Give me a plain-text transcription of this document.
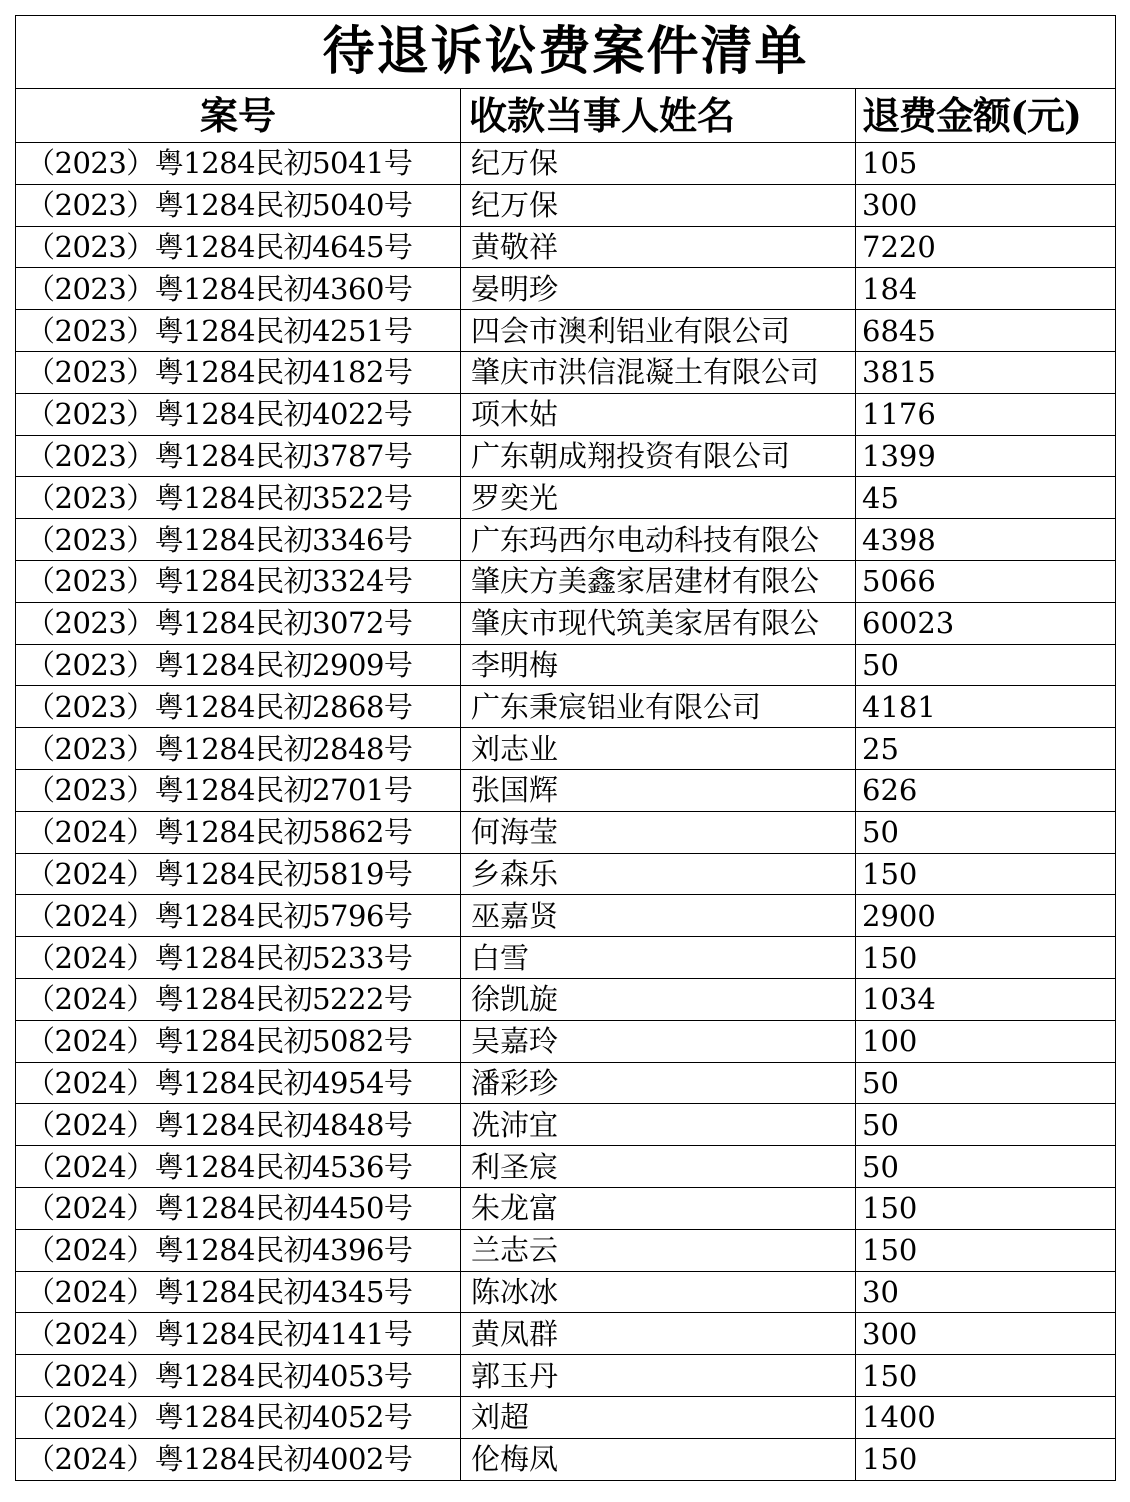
待退诉讼费案件清单		
案号	收款当事人姓名	退费金额(元)
（2023）粤1284民初5041号	纪万保	105
（2023）粤1284民初5040号	纪万保	300
（2023）粤1284民初4645号	黄敬祥	7220
（2023）粤1284民初4360号	晏明珍	184
（2023）粤1284民初4251号	四会市澳利铝业有限公司	6845
（2023）粤1284民初4182号	肇庆市洪信混凝土有限公司	3815
（2023）粤1284民初4022号	项木姑	1176
（2023）粤1284民初3787号	广东朝成翔投资有限公司	1399
（2023）粤1284民初3522号	罗奕光	45
（2023）粤1284民初3346号	广东玛西尔电动科技有限公	4398
（2023）粤1284民初3324号	肇庆方美鑫家居建材有限公	5066
（2023）粤1284民初3072号	肇庆市现代筑美家居有限公	60023
（2023）粤1284民初2909号	李明梅	50
（2023）粤1284民初2868号	广东秉宸铝业有限公司	4181
（2023）粤1284民初2848号	刘志业	25
（2023）粤1284民初2701号	张国辉	626
（2024）粤1284民初5862号	何海莹	50
（2024）粤1284民初5819号	乡森乐	150
（2024）粤1284民初5796号	巫嘉贤	2900
（2024）粤1284民初5233号	白雪	150
（2024）粤1284民初5222号	徐凯旋	1034
（2024）粤1284民初5082号	吴嘉玲	100
（2024）粤1284民初4954号	潘彩珍	50
（2024）粤1284民初4848号	冼沛宜	50
（2024）粤1284民初4536号	利圣宸	50
（2024）粤1284民初4450号	朱龙富	150
（2024）粤1284民初4396号	兰志云	150
（2024）粤1284民初4345号	陈冰冰	30
（2024）粤1284民初4141号	黄凤群	300
（2024）粤1284民初4053号	郭玉丹	150
（2024）粤1284民初4052号	刘超	1400
（2024）粤1284民初4002号	伦梅凤	150
